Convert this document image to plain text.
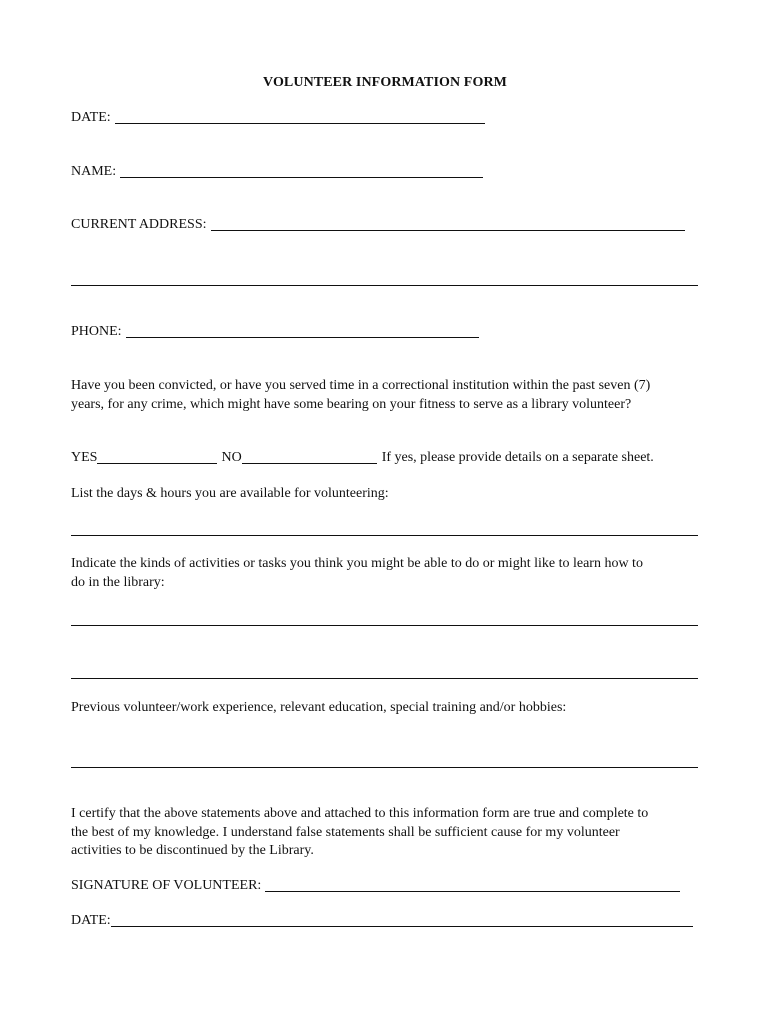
VOLUNTEER INFORMATION FORM
DATE:
NAME:
CURRENT ADDRESS:
PHONE:
Have you been convicted, or have you served time in a correctional institution within the past seven (7)
years, for any crime, which might have some bearing on your fitness to serve as a library volunteer?
YES	NO	If yes, please provide details on a separate sheet.
List the days & hours you are available for volunteering:
Indicate the kinds of activities or tasks you think you might be able to do or might like to learn how to
do in the library:
Previous volunteer/work experience, relevant education, special training and/or hobbies:
I certify that the above statements above and attached to this information form are true and complete to
the best of my knowledge. I understand false statements shall be sufficient cause for my volunteer
activities to be discontinued by the Library.
SIGNATURE OF VOLUNTEER:
DATE:
